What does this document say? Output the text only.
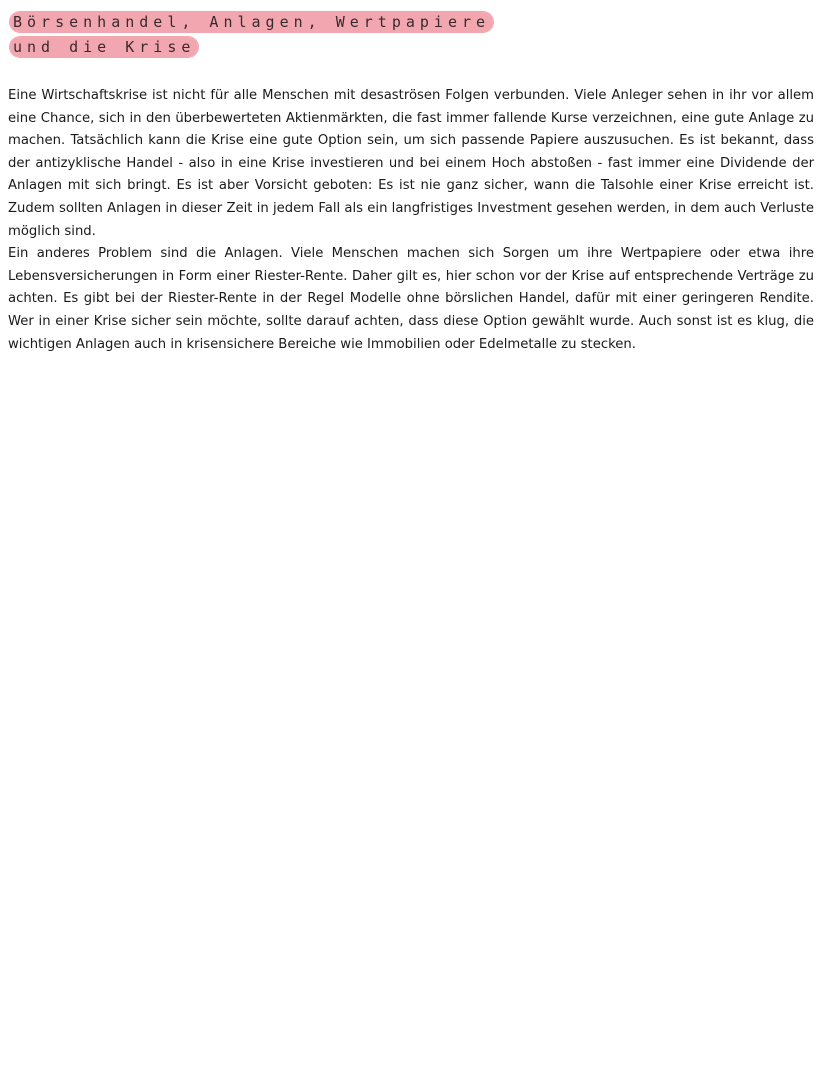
Börsenhandel, Anlagen, Wertpapiere
und die Krise

Eine Wirtschaftskrise ist nicht für alle Menschen mit desaströsen Folgen verbunden. Viele Anleger sehen in ihr vor allem eine Chance, sich in den überbewerteten Aktienmärkten, die fast immer fallende Kurse verzeichnen, eine gute Anlage zu machen. Tatsächlich kann die Krise eine gute Option sein, um sich passende Papiere auszusuchen. Es ist bekannt, dass der antizyklische Handel - also in eine Krise investieren und bei einem Hoch abstoßen - fast immer eine Dividende der Anlagen mit sich bringt. Es ist aber Vorsicht geboten: Es ist nie ganz sicher, wann die Talsohle einer Krise erreicht ist. Zudem sollten Anlagen in dieser Zeit in jedem Fall als ein langfristiges Investment gesehen werden, in dem auch Verluste möglich sind.

Ein anderes Problem sind die Anlagen. Viele Menschen machen sich Sorgen um ihre Wertpapiere oder etwa ihre Lebensversicherungen in Form einer Riester-Rente. Daher gilt es, hier schon vor der Krise auf entsprechende Verträge zu achten. Es gibt bei der Riester-Rente in der Regel Modelle ohne börslichen Handel, dafür mit einer geringeren Rendite. Wer in einer Krise sicher sein möchte, sollte darauf achten, dass diese Option gewählt wurde. Auch sonst ist es klug, die wichtigen Anlagen auch in krisensichere Bereiche wie Immobilien oder Edelmetalle zu stecken.
